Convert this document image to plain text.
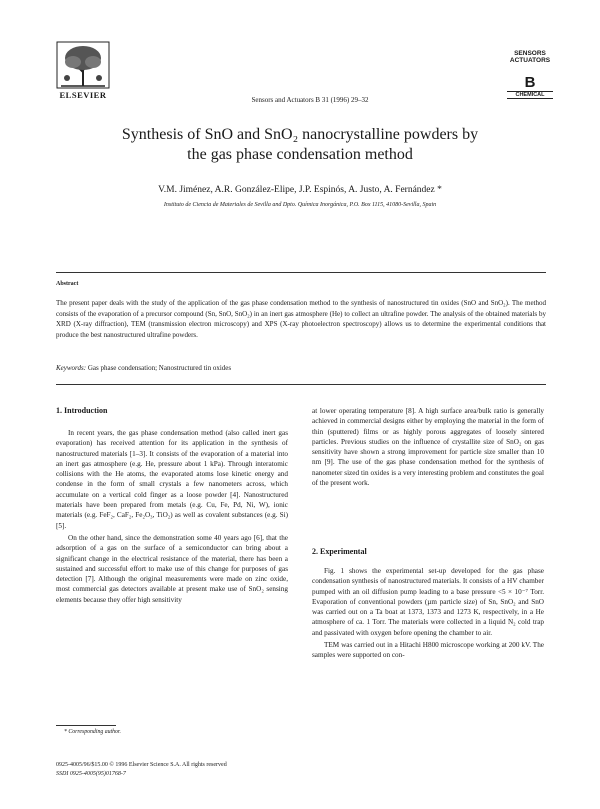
ELSEVIER	Sensors and Actuators B 31 (1996) 29–32
SENSORS
ACTUATORS
B
CHEMICAL
Synthesis of SnO and SnO₂ nanocrystalline powders by
the gas phase condensation method
V.M. Jiménez, A.R. González-Elipe, J.P. Espinós, A. Justo, A. Fernández *
Instituto de Ciencia de Materiales de Sevilla and Dpto. Química Inorgánica, P.O. Box 1115, 41080-Sevilla, Spain
Abstract
The present paper deals with the study of the application of the gas phase condensation method to the synthesis of nanostructured tin oxides (SnO and SnO₂). The method consists of the evaporation of a precursor compound (Sn, SnO, SnO₂) in an inert gas atmosphere (He) to collect an ultrafine powder. The analysis of the obtained materials by XRD (X-ray diffraction), TEM (transmission electron microscopy) and XPS (X-ray photoelectron spectroscopy) allows us to determine the experimental conditions that produce the best nanostructured ultrafine powders.
Keywords: Gas phase condensation; Nanostructured tin oxides

1. Introduction

In recent years, the gas phase condensation method (also called inert gas evaporation) has received attention for its application in the synthesis of nanostructured materials [1–3]. It consists of the evaporation of a material into an inert gas atmosphere (e.g. He, pressure about 1 kPa). Through interatomic collisions with the He atoms, the evaporated atoms lose kinetic energy and condense in the form of small crystals a few nanometers across, which accumulate on a vertical cold finger as a loose powder [4]. Nanostructured materials have been prepared from metals (e.g. Cu, Fe, Pd, Ni, W), ionic materials (e.g. FeF₂, CaF₂, Fe₂O₃, TiO₂) as well as covalent substances (e.g. Si) [5].

On the other hand, since the demonstration some 40 years ago [6], that the adsorption of a gas on the surface of a semiconductor can bring about a significant change in the electrical resistance of the material, there has been a sustained and successful effort to make use of this change for purposes of gas detection [7]. Although the original measurements were made on zinc oxide, most commercial gas detectors available at present make use of SnO₂ sensing elements because they offer high sensitivity

at lower operating temperature [8]. A high surface area/bulk ratio is generally achieved in commercial designs either by employing the material in the form of thin (sputtered) films or as highly porous aggregates of loosely sintered particles. Previous studies on the influence of crystallite size of SnO₂ on gas sensitivity have shown a strong improvement for particle size smaller than 10 nm [9]. The use of the gas phase condensation method for the synthesis of nanometer sized tin oxides is a very interesting problem and constitutes the goal of the present work.

2. Experimental

Fig. 1 shows the experimental set-up developed for the gas phase condensation synthesis of nanostructured materials. It consists of a HV chamber pumped with an oil diffusion pump leading to a base pressure <5 × 10⁻⁷ Torr. Evaporation of conventional powders (µm particle size) of Sn, SnO₂ and SnO was carried out on a Ta boat at 1373, 1373 and 1273 K, respectively, in a He atmosphere of ca. 1 Torr. The materials were collected in a liquid N₂ cold trap and passivated with oxygen before opening the chamber to air.

TEM was carried out in a Hitachi H800 microscope working at 200 kV. The samples were supported on con-

* Corresponding author.
0925-4005/96/$15.00 © 1996 Elsevier Science S.A. All rights reserved
SSDI 0925-4005(95)01768-7
